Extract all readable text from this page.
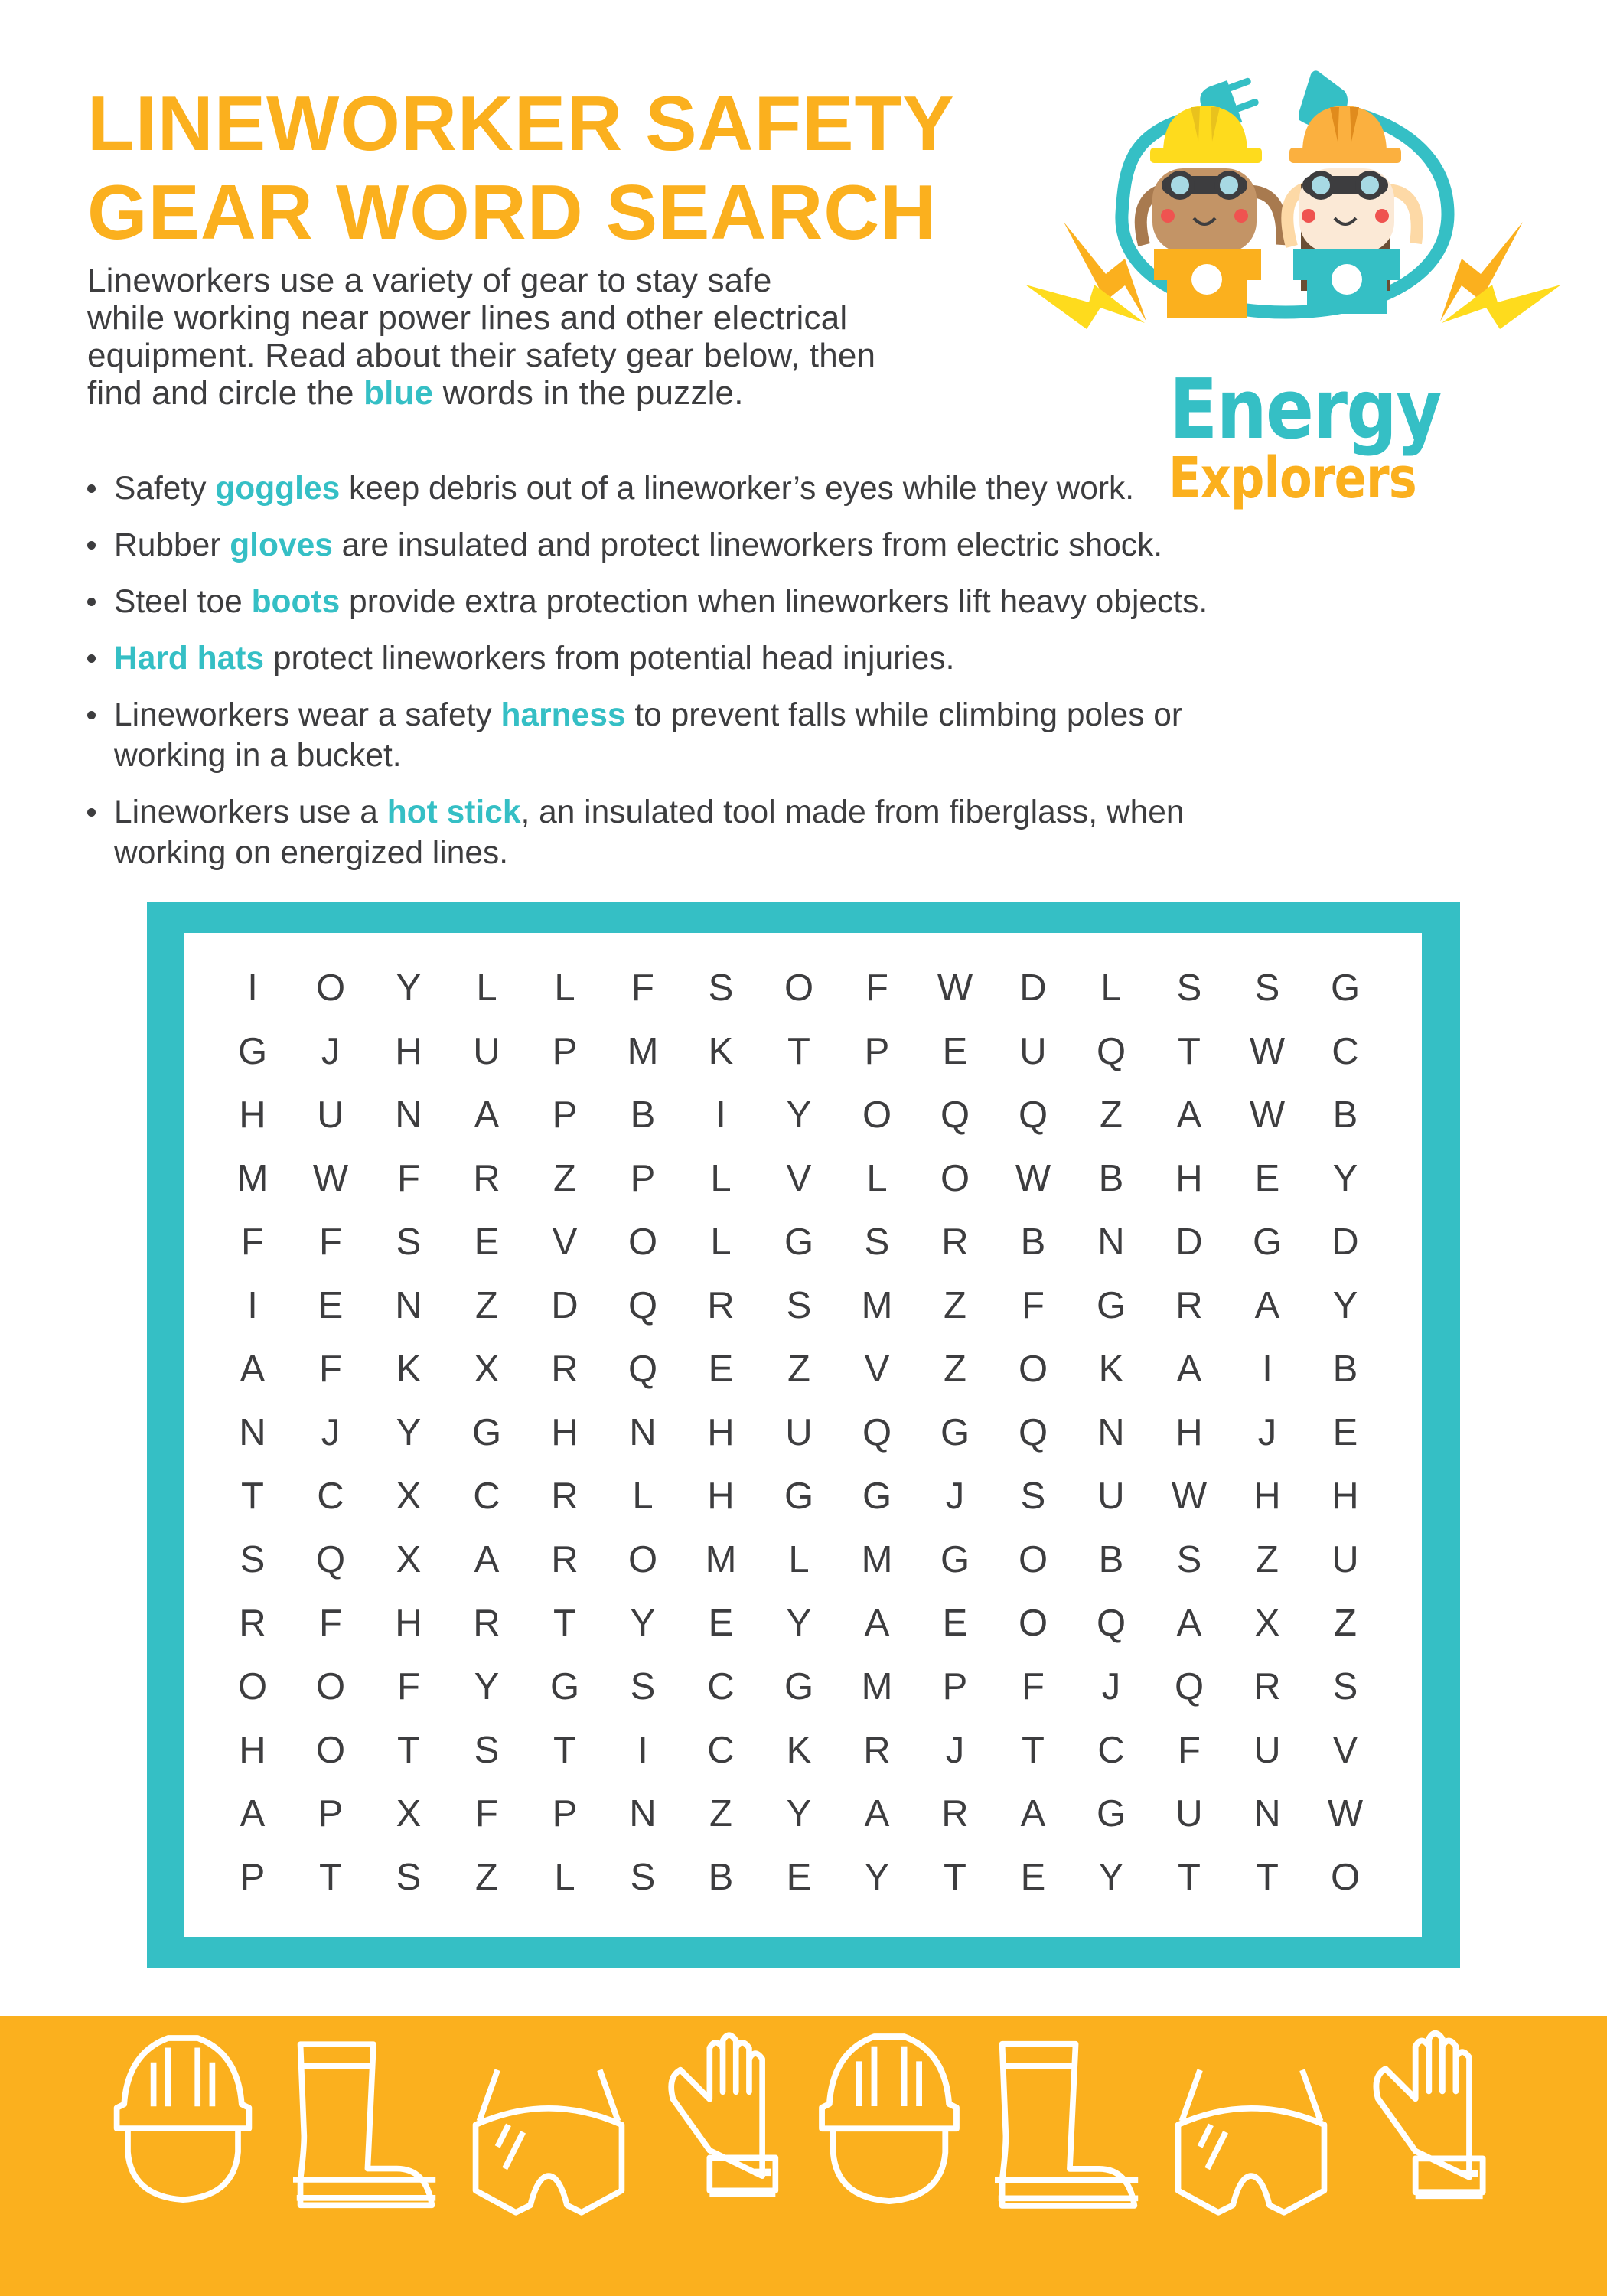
LINEWORKER SAFETY
GEAR WORD SEARCH

Lineworkers use a variety of gear to stay safe
while working near power lines and other electrical
equipment. Read about their safety gear below, then
find and circle the blue words in the puzzle.

Safety goggles keep debris out of a lineworker’s eyes while they work.
Rubber gloves are insulated and protect lineworkers from electric shock.
Steel toe boots provide extra protection when lineworkers lift heavy objects.
Hard hats protect lineworkers from potential head injuries.
Lineworkers wear a safety harness to prevent falls while climbing poles or
working in a bucket.
Lineworkers use a hot stick, an insulated tool made from fiberglass, when
working on energized lines.
Energy
Explorers
I	O	Y	L	L	F	S	O	F	W	D	L	S	S	G
G	J	H	U	P	M	K	T	P	E	U	Q	T	W	C
H	U	N	A	P	B	I	Y	O	Q	Q	Z	A	W	B
M	W	F	R	Z	P	L	V	L	O	W	B	H	E	Y
F	F	S	E	V	O	L	G	S	R	B	N	D	G	D
I	E	N	Z	D	Q	R	S	M	Z	F	G	R	A	Y
A	F	K	X	R	Q	E	Z	V	Z	O	K	A	I	B
N	J	Y	G	H	N	H	U	Q	G	Q	N	H	J	E
T	C	X	C	R	L	H	G	G	J	S	U	W	H	H
S	Q	X	A	R	O	M	L	M	G	O	B	S	Z	U
R	F	H	R	T	Y	E	Y	A	E	O	Q	A	X	Z
O	O	F	Y	G	S	C	G	M	P	F	J	Q	R	S
H	O	T	S	T	I	C	K	R	J	T	C	F	U	V
A	P	X	F	P	N	Z	Y	A	R	A	G	U	N	W
P	T	S	Z	L	S	B	E	Y	T	E	Y	T	T	O
